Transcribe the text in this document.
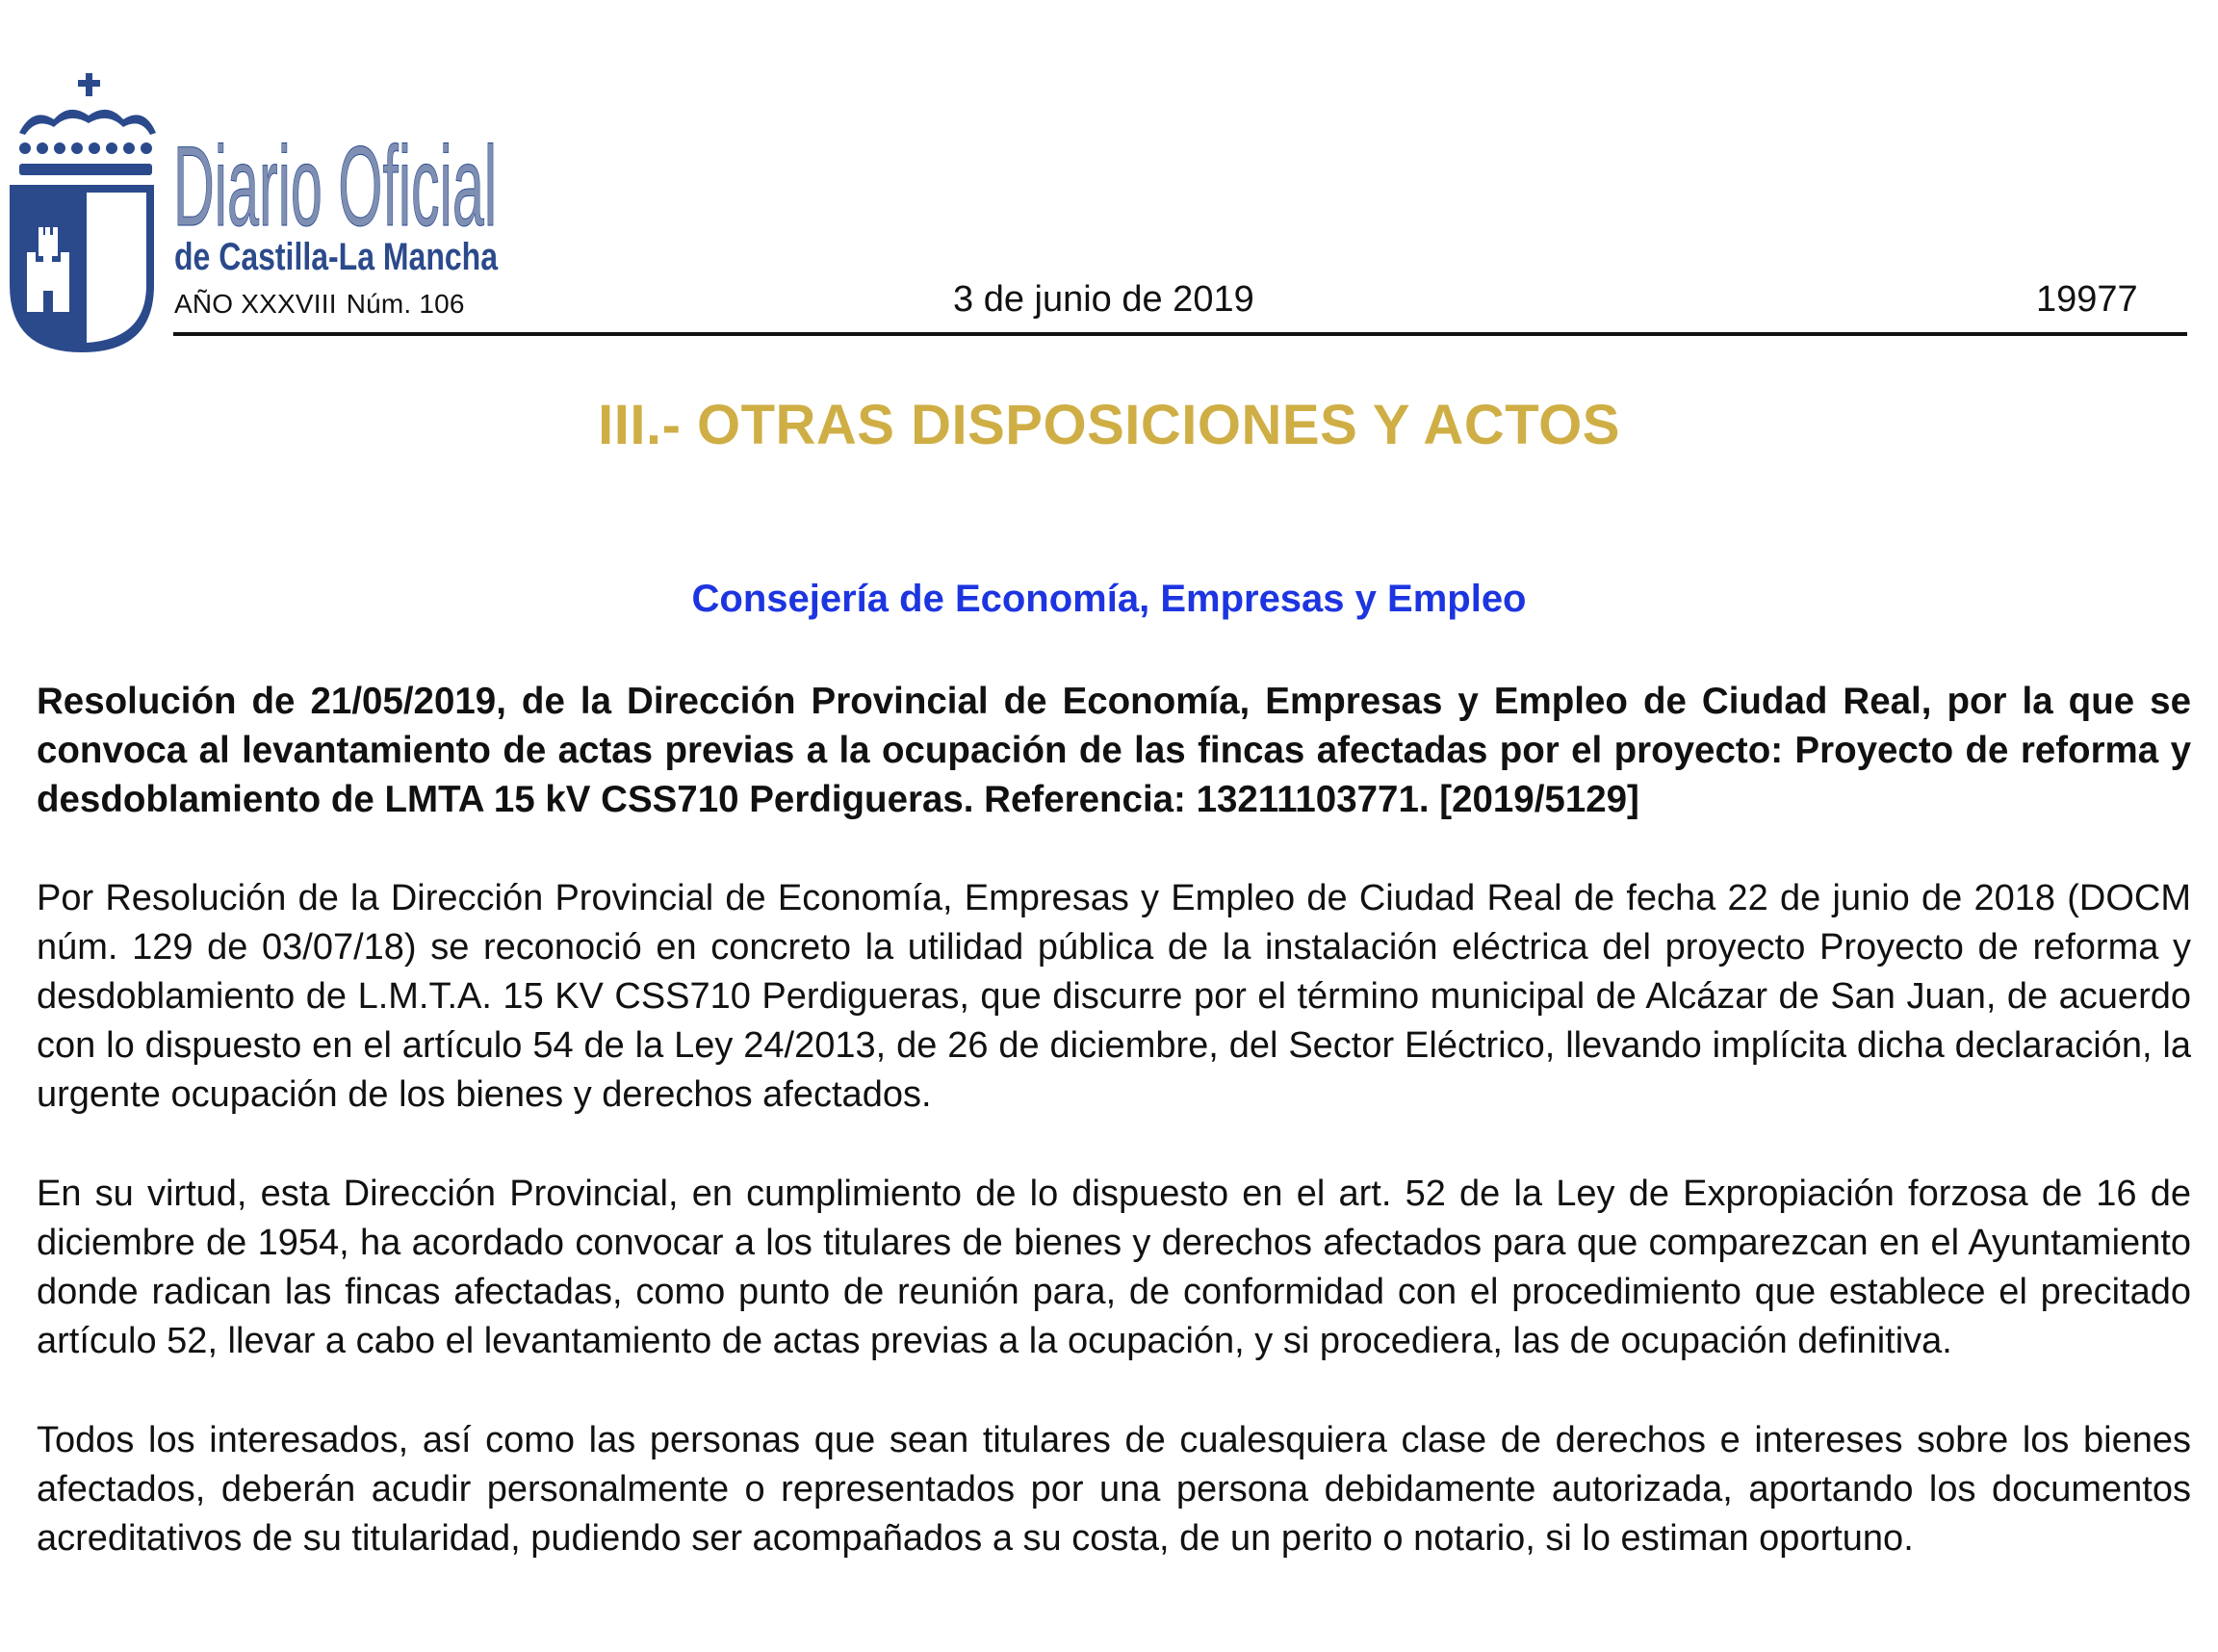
Diario Oficial
de Castilla-La Mancha
AÑO XXXVIII Núm. 106	3 de junio de 2019	19977
III.- OTRAS DISPOSICIONES Y ACTOS
Consejería de Economía, Empresas y Empleo

Resolución de 21/05/2019, de la Dirección Provincial de Economía, Empresas y Empleo de Ciudad Real, por la que se convoca al levantamiento de actas previas a la ocupación de las fincas afectadas por el proyecto: Proyecto de reforma y desdoblamiento de LMTA 15 kV CSS710 Perdigueras. Referencia: 13211103771. [2019/5129]

Por Resolución de la Dirección Provincial de Economía, Empresas y Empleo de Ciudad Real de fecha 22 de junio de 2018 (DOCM núm. 129 de 03/07/18) se reconoció en concreto la utilidad pública de la instalación eléctrica del proyecto Proyecto de reforma y desdoblamiento de L.M.T.A. 15 KV CSS710 Perdigueras, que discurre por el término municipal de Alcázar de San Juan, de acuerdo con lo dispuesto en el artículo 54 de la Ley 24/2013, de 26 de diciembre, del Sector Eléctrico, llevando implícita dicha declaración, la urgente ocupación de los bienes y derechos afectados.

En su virtud, esta Dirección Provincial, en cumplimiento de lo dispuesto en el art. 52 de la Ley de Expropiación forzosa de 16 de diciembre de 1954, ha acordado convocar a los titulares de bienes y derechos afectados para que comparezcan en el Ayuntamiento donde radican las fincas afectadas, como punto de reunión para, de conformidad con el procedimiento que establece el precitado artículo 52, llevar a cabo el levantamiento de actas previas a la ocupación, y si procediera, las de ocupación definitiva.

Todos los interesados, así como las personas que sean titulares de cualesquiera clase de derechos e intereses sobre los bienes afectados, deberán acudir personalmente o representados por una persona debidamente autorizada, aportando los documentos acreditativos de su titularidad, pudiendo ser acompañados a su costa, de un perito o notario, si lo estiman oportuno.
